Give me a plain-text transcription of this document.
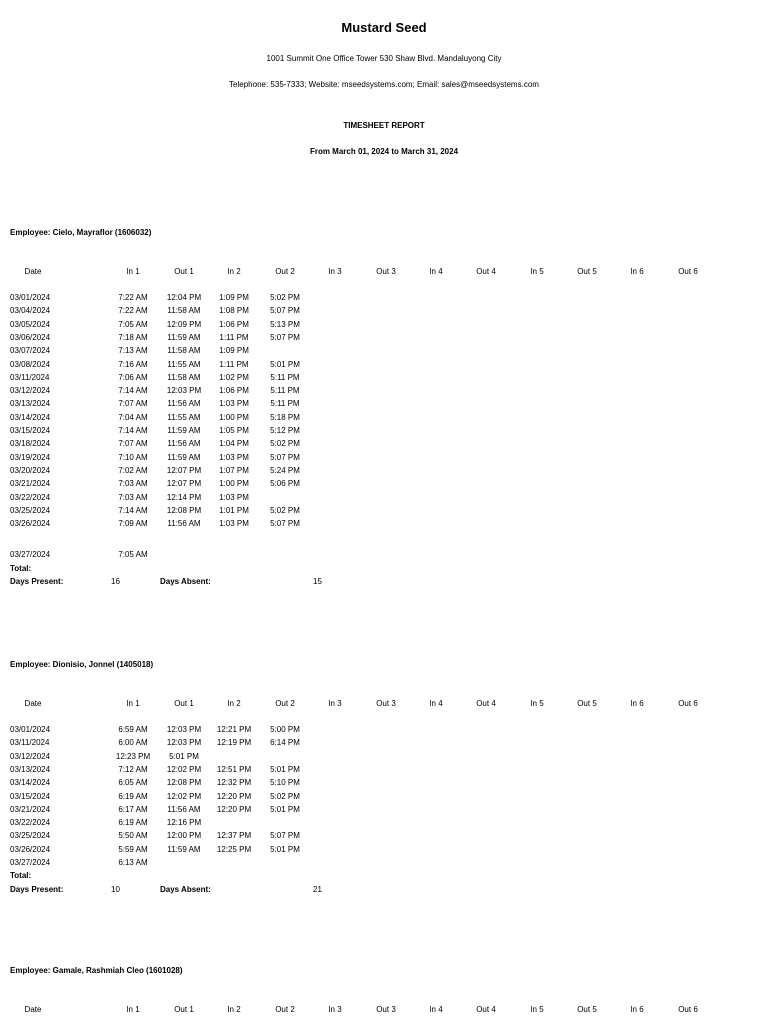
Mustard Seed
1001 Summit One Office Tower 530 Shaw Blvd. Mandaluyong City
Telephone: 535-7333; Website: mseedsystems.com; Email: sales@mseedsystems.com
TIMESHEET REPORT
From March 01, 2024 to March 31, 2024
Employee: Cielo, Mayraflor (1606032)
Date	In 1	Out 1	In 2	Out 2	In 3	Out 3	In 4	Out 4	In 5	Out 5	In 6	Out 6
03/01/2024	7:22 AM	12:04 PM	1:09 PM	5:02 PM
03/04/2024	7:22 AM	11:58 AM	1:08 PM	5:07 PM
03/05/2024	7:05 AM	12:09 PM	1:06 PM	5:13 PM
03/06/2024	7:18 AM	11:59 AM	1:11 PM	5:07 PM
03/07/2024	7:13 AM	11:58 AM	1:09 PM
03/08/2024	7:16 AM	11:55 AM	1:11 PM	5:01 PM
03/11/2024	7:06 AM	11:58 AM	1:02 PM	5:11 PM
03/12/2024	7:14 AM	12:03 PM	1:06 PM	5:11 PM
03/13/2024	7:07 AM	11:56 AM	1:03 PM	5:11 PM
03/14/2024	7:04 AM	11:55 AM	1:00 PM	5:18 PM
03/15/2024	7:14 AM	11:59 AM	1:05 PM	5:12 PM
03/18/2024	7:07 AM	11:56 AM	1:04 PM	5:02 PM
03/19/2024	7:10 AM	11:59 AM	1:03 PM	5:07 PM
03/20/2024	7:02 AM	12:07 PM	1:07 PM	5:24 PM
03/21/2024	7:03 AM	12:07 PM	1:00 PM	5:06 PM
03/22/2024	7:03 AM	12:14 PM	1:03 PM
03/25/2024	7:14 AM	12:08 PM	1:01 PM	5:02 PM
03/26/2024	7:09 AM	11:56 AM	1:03 PM	5:07 PM
03/27/2024	7:05 AM
Total:
Days Present:	16	Days Absent:	15
Employee: Dionisio, Jonnel (1405018)
Date	In 1	Out 1	In 2	Out 2	In 3	Out 3	In 4	Out 4	In 5	Out 5	In 6	Out 6
03/01/2024	6:59 AM	12:03 PM	12:21 PM	5:00 PM
03/11/2024	6:00 AM	12:03 PM	12:19 PM	6:14 PM
03/12/2024	12:23 PM	5:01 PM
03/13/2024	7:12 AM	12:02 PM	12:51 PM	5:01 PM
03/14/2024	6:05 AM	12:08 PM	12:32 PM	5:10 PM
03/15/2024	6:19 AM	12:02 PM	12:20 PM	5:02 PM
03/21/2024	6:17 AM	11:56 AM	12:20 PM	5:01 PM
03/22/2024	6:19 AM	12:16 PM
03/25/2024	5:50 AM	12:00 PM	12:37 PM	5:07 PM
03/26/2024	5:59 AM	11:59 AM	12:25 PM	5:01 PM
03/27/2024	6:13 AM
Total:
Days Present:	10	Days Absent:	21
Employee: Gamale, Rashmiah Cleo (1601028)
Date	In 1	Out 1	In 2	Out 2	In 3	Out 3	In 4	Out 4	In 5	Out 5	In 6	Out 6
